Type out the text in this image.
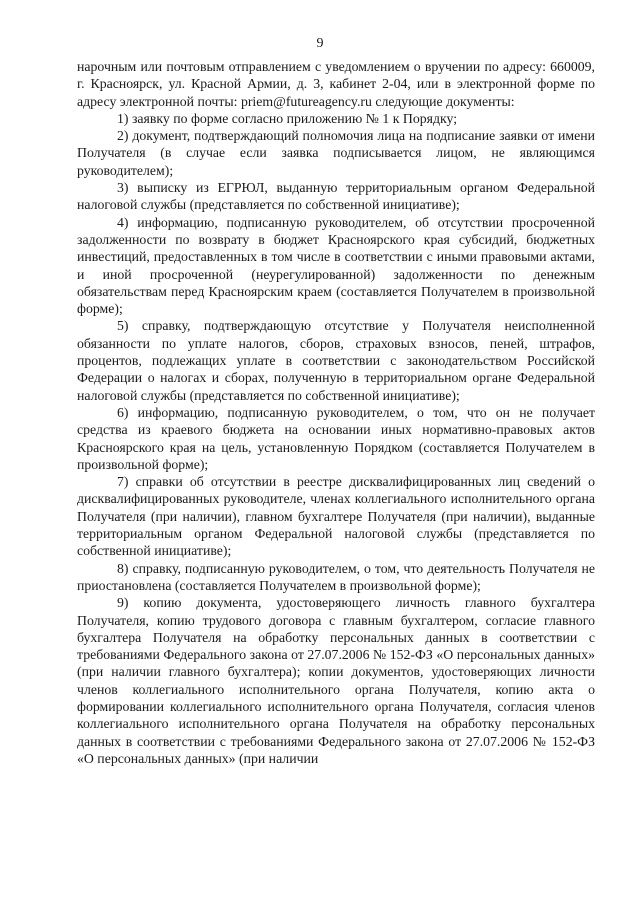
9

нарочным или почтовым отправлением с уведомлением о вручении по адресу: 660009, г. Красноярск, ул. Красной Армии, д. 3, кабинет 2-04, или в электронной форме по адресу электронной почты: priem@futureagency.ru следующие документы:

1) заявку по форме согласно приложению № 1 к Порядку;

2) документ, подтверждающий полномочия лица на подписание заявки от имени Получателя (в случае если заявка подписывается лицом, не являющимся руководителем);

3) выписку из ЕГРЮЛ, выданную территориальным органом Федеральной налоговой службы (представляется по собственной инициативе);

4) информацию, подписанную руководителем, об отсутствии просроченной задолженности по возврату в бюджет Красноярского края субсидий, бюджетных инвестиций, предоставленных в том числе в соответствии с иными правовыми актами, и иной просроченной (неурегулированной) задолженности по денежным обязательствам перед Красноярским краем (составляется Получателем в произвольной форме);

5) справку, подтверждающую отсутствие у Получателя неисполненной обязанности по уплате налогов, сборов, страховых взносов, пеней, штрафов, процентов, подлежащих уплате в соответствии с законодательством Российской Федерации о налогах и сборах, полученную в территориальном органе Федеральной налоговой службы (представляется по собственной инициативе);

6) информацию, подписанную руководителем, о том, что он не получает средства из краевого бюджета на основании иных нормативно-правовых актов Красноярского края на цель, установленную Порядком (составляется Получателем в произвольной форме);

7) справки об отсутствии в реестре дисквалифицированных лиц сведений о дисквалифицированных руководителе, членах коллегиального исполнительного органа Получателя (при наличии), главном бухгалтере Получателя (при наличии), выданные территориальным органом Федеральной налоговой службы (представляется по собственной инициативе);

8) справку, подписанную руководителем, о том, что деятельность Получателя не приостановлена (составляется Получателем в произвольной форме);

9) копию документа, удостоверяющего личность главного бухгалтера Получателя, копию трудового договора с главным бухгалтером, согласие главного бухгалтера Получателя на обработку персональных данных в соответствии с требованиями Федерального закона от 27.07.2006 № 152-ФЗ «О персональных данных» (при наличии главного бухгалтера); копии документов, удостоверяющих личности членов коллегиального исполнительного органа Получателя, копию акта о формировании коллегиального исполнительного органа Получателя, согласия членов коллегиального исполнительного органа Получателя на обработку персональных данных в соответствии с требованиями Федерального закона от 27.07.2006 № 152-ФЗ «О персональных данных» (при наличии
